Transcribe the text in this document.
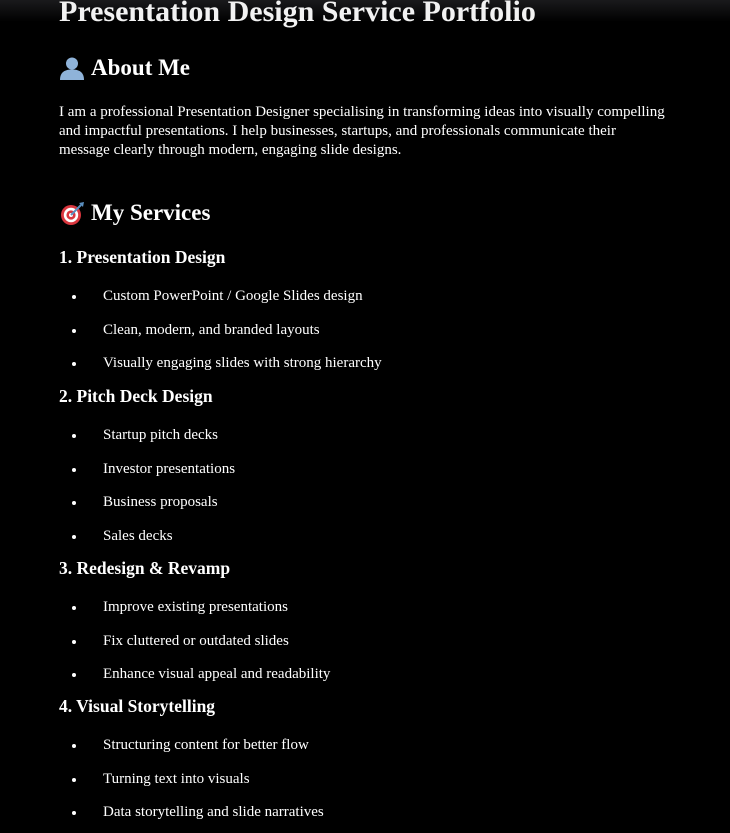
Presentation Design Service Portfolio
About Me

I am a professional Presentation Designer specialising in transforming ideas into visually compelling and impactful presentations. I help businesses, startups, and professionals communicate their message clearly through modern, engaging slide designs.

My Services
1. Presentation Design
Custom PowerPoint / Google Slides design
Clean, modern, and branded layouts
Visually engaging slides with strong hierarchy
2. Pitch Deck Design
Startup pitch decks
Investor presentations
Business proposals
Sales decks
3. Redesign & Revamp
Improve existing presentations
Fix cluttered or outdated slides
Enhance visual appeal and readability
4. Visual Storytelling
Structuring content for better flow
Turning text into visuals
Data storytelling and slide narratives
